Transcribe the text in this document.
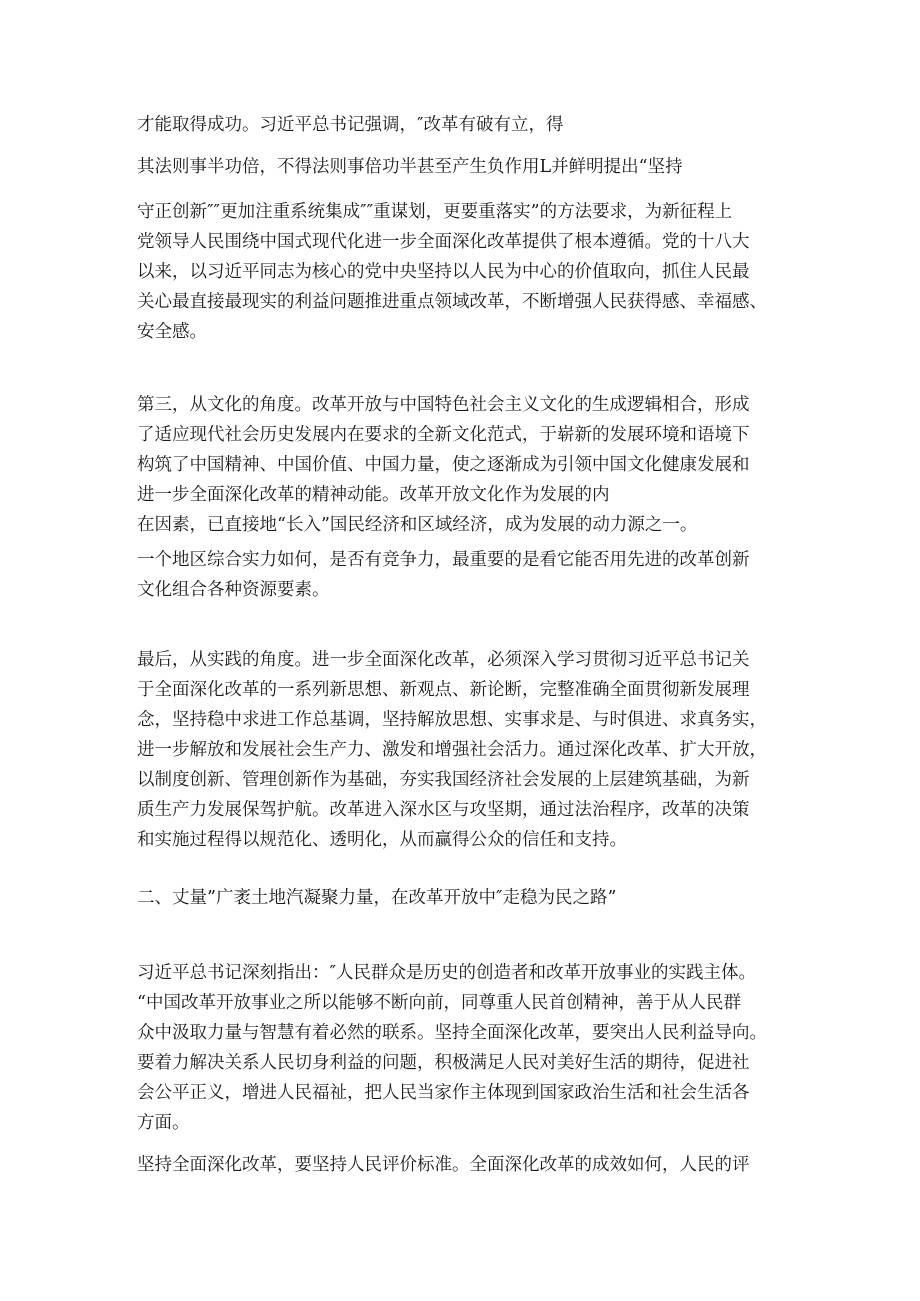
才能取得成功。习近平总书记强调，″改革有破有立，得
其法则事半功倍，不得法则事倍功半甚至产生负作用L并鲜明提出“坚持
守正创新″″更加注重系统集成″″重谋划，更要重落实”的方法要求，为新征程上
党领导人民围绕中国式现代化进一步全面深化改革提供了根本遵循。党的十八大
以来，以习近平同志为核心的党中央坚持以人民为中心的价值取向，抓住人民最
关心最直接最现实的利益问题推进重点领域改革，不断增强人民获得感、幸福感、
安全感。
第三，从文化的角度。改革开放与中国特色社会主义文化的生成逻辑相合，形成
了适应现代社会历史发展内在要求的全新文化范式，于崭新的发展环境和语境下
构筑了中国精神、中国价值、中国力量，使之逐渐成为引领中国文化健康发展和
进一步全面深化改革的精神动能。改革开放文化作为发展的内
在因素，已直接地“长入”国民经济和区域经济，成为发展的动力源之一。
一个地区综合实力如何，是否有竞争力，最重要的是看它能否用先进的改革创新
文化组合各种资源要素。
最后，从实践的角度。进一步全面深化改革，必须深入学习贯彻习近平总书记关
于全面深化改革的一系列新思想、新观点、新论断，完整准确全面贯彻新发展理
念，坚持稳中求进工作总基调，坚持解放思想、实事求是、与时俱进、求真务实，
进一步解放和发展社会生产力、激发和增强社会活力。通过深化改革、扩大开放，
以制度创新、管理创新作为基础，夯实我国经济社会发展的上层建筑基础，为新
质生产力发展保驾护航。改革进入深水区与攻坚期，通过法治程序，改革的决策
和实施过程得以规范化、透明化，从而赢得公众的信任和支持。
二、丈量”广袤土地汽凝聚力量，在改革开放中″走稳为民之路”
习近平总书记深刻指出：″人民群众是历史的创造者和改革开放事业的实践主体。
“中国改革开放事业之所以能够不断向前，同尊重人民首创精神，善于从人民群
众中汲取力量与智慧有着必然的联系。坚持全面深化改革，要突出人民利益导向。
要着力解决关系人民切身利益的问题，积极满足人民对美好生活的期待，促进社
会公平正义，增进人民福祉，把人民当家作主体现到国家政治生活和社会生活各
方面。
坚持全面深化改革，要坚持人民评价标准。全面深化改革的成效如何，人民的评
